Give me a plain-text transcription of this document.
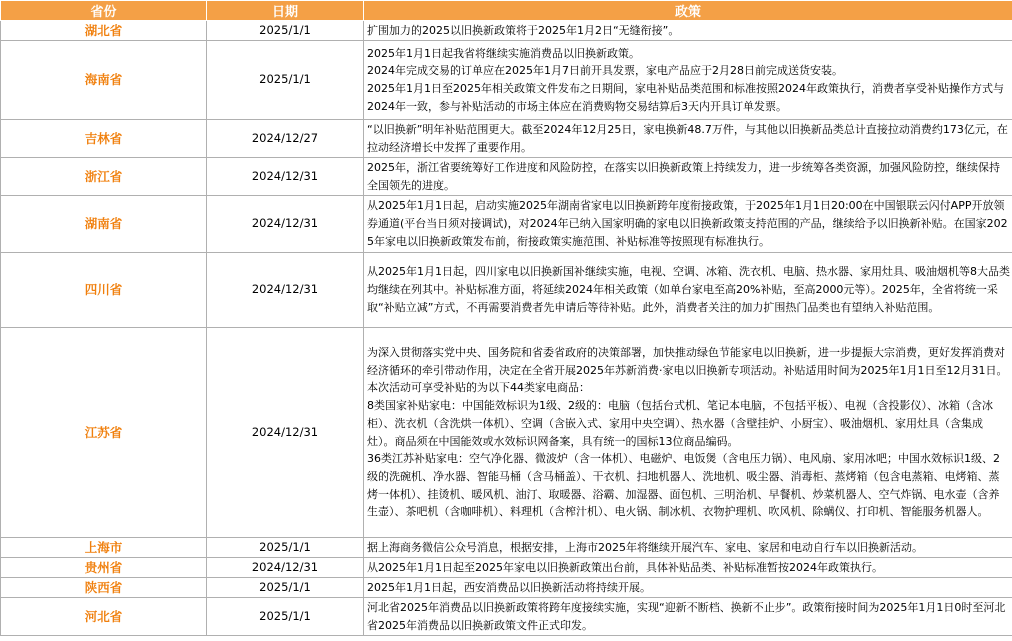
省份	日期	政策
湖北省	2025/1/1	扩围加力的2025以旧换新政策将于2025年1月2日“无缝衔接”。

海南省	2025/1/1	2025年1月1日起我省将继续实施消费品以旧换新政策。
2024年完成交易的订单应在2025年1月7日前开具发票，家电产品应于2月28日前完成送货安装。
2025年1月1日至2025年相关政策文件发布之日期间，家电补贴品类范围和标准按照2024年政策执行，消费者享受补贴操作方式与2024年一致，参与补贴活动的市场主体应在消费购物交易结算后3天内开具订单发票。

吉林省	2024/12/27	“以旧换新”明年补贴范围更大。截至2024年12月25日，家电换新48.7万件，与其他以旧换新品类总计直接拉动消费约173亿元，在拉动经济增长中发挥了重要作用。

浙江省	2024/12/31	2025年，浙江省要统筹好工作进度和风险防控，在落实以旧换新政策上持续发力，进一步统筹各类资源，加强风险防控，继续保持全国领先的进度。

湖南省	2024/12/31	从2025年1月1日起，启动实施2025年湖南省家电以旧换新跨年度衔接政策，于2025年1月1日20:00在中国银联云闪付APP开放领券通道(平台当日须对接调试)，对2024年已纳入国家明确的家电以旧换新政策支持范围的产品，继续给予以旧换新补贴。在国家2025年家电以旧换新政策发布前，衔接政策实施范围、补贴标准等按照现有标准执行。

四川省	2024/12/31	从2025年1月1日起，四川家电以旧换新国补继续实施，电视、空调、冰箱、洗衣机、电脑、热水器、家用灶具、吸油烟机等8大品类均继续在列其中。补贴标准方面，将延续2024年相关政策（如单台家电至高20%补贴，至高2000元等）。2025年，全省将统一采取“补贴立减”方式，不再需要消费者先申请后等待补贴。此外，消费者关注的加力扩围热门品类也有望纳入补贴范围。

江苏省	2024/12/31	为深入贯彻落实党中央、国务院和省委省政府的决策部署，加快推动绿色节能家电以旧换新，进一步提振大宗消费，更好发挥消费对经济循环的牵引带动作用，决定在全省开展2025年苏新消费·家电以旧换新专项活动。补贴适用时间为2025年1月1日至12月31日。本次活动可享受补贴的为以下44类家电商品：
8类国家补贴家电：中国能效标识为1级、2级的：电脑（包括台式机、笔记本电脑，不包括平板）、电视（含投影仪）、冰箱（含冰柜）、洗衣机（含洗烘一体机）、空调（含嵌入式、家用中央空调）、热水器（含壁挂炉、小厨宝）、吸油烟机、家用灶具（含集成灶）。商品须在中国能效或水效标识网备案，具有统一的国标13位商品编码。
36类江苏补贴家电：空气净化器、微波炉（含一体机）、电磁炉、电饭煲（含电压力锅）、电风扇、家用冰吧；中国水效标识1级、2级的洗碗机、净水器、智能马桶（含马桶盖）、干衣机、扫地机器人、洗地机、吸尘器、消毒柜、蒸烤箱（包含电蒸箱、电烤箱、蒸烤一体机）、挂烫机、暖风机、油汀、取暖器、浴霸、加湿器、面包机、三明治机、早餐机、炒菜机器人、空气炸锅、电水壶（含养生壶）、茶吧机（含咖啡机）、料理机（含榨汁机）、电火锅、制冰机、衣物护理机、吹风机、除螨仪、打印机、智能服务机器人。

上海市	2025/1/1	据上海商务微信公众号消息，根据安排，上海市2025年将继续开展汽车、家电、家居和电动自行车以旧换新活动。

贵州省	2024/12/31	从2025年1月1日起至2025年家电以旧换新政策出台前，具体补贴品类、补贴标准暂按2024年政策执行。

陕西省	2025/1/1	2025年1月1日起，西安消费品以旧换新活动将持续开展。

河北省	2025/1/1	河北省2025年消费品以旧换新政策将跨年度接续实施，实现“迎新不断档、换新不止步”。政策衔接时间为2025年1月1日0时至河北省2025年消费品以旧换新政策文件正式印发。
